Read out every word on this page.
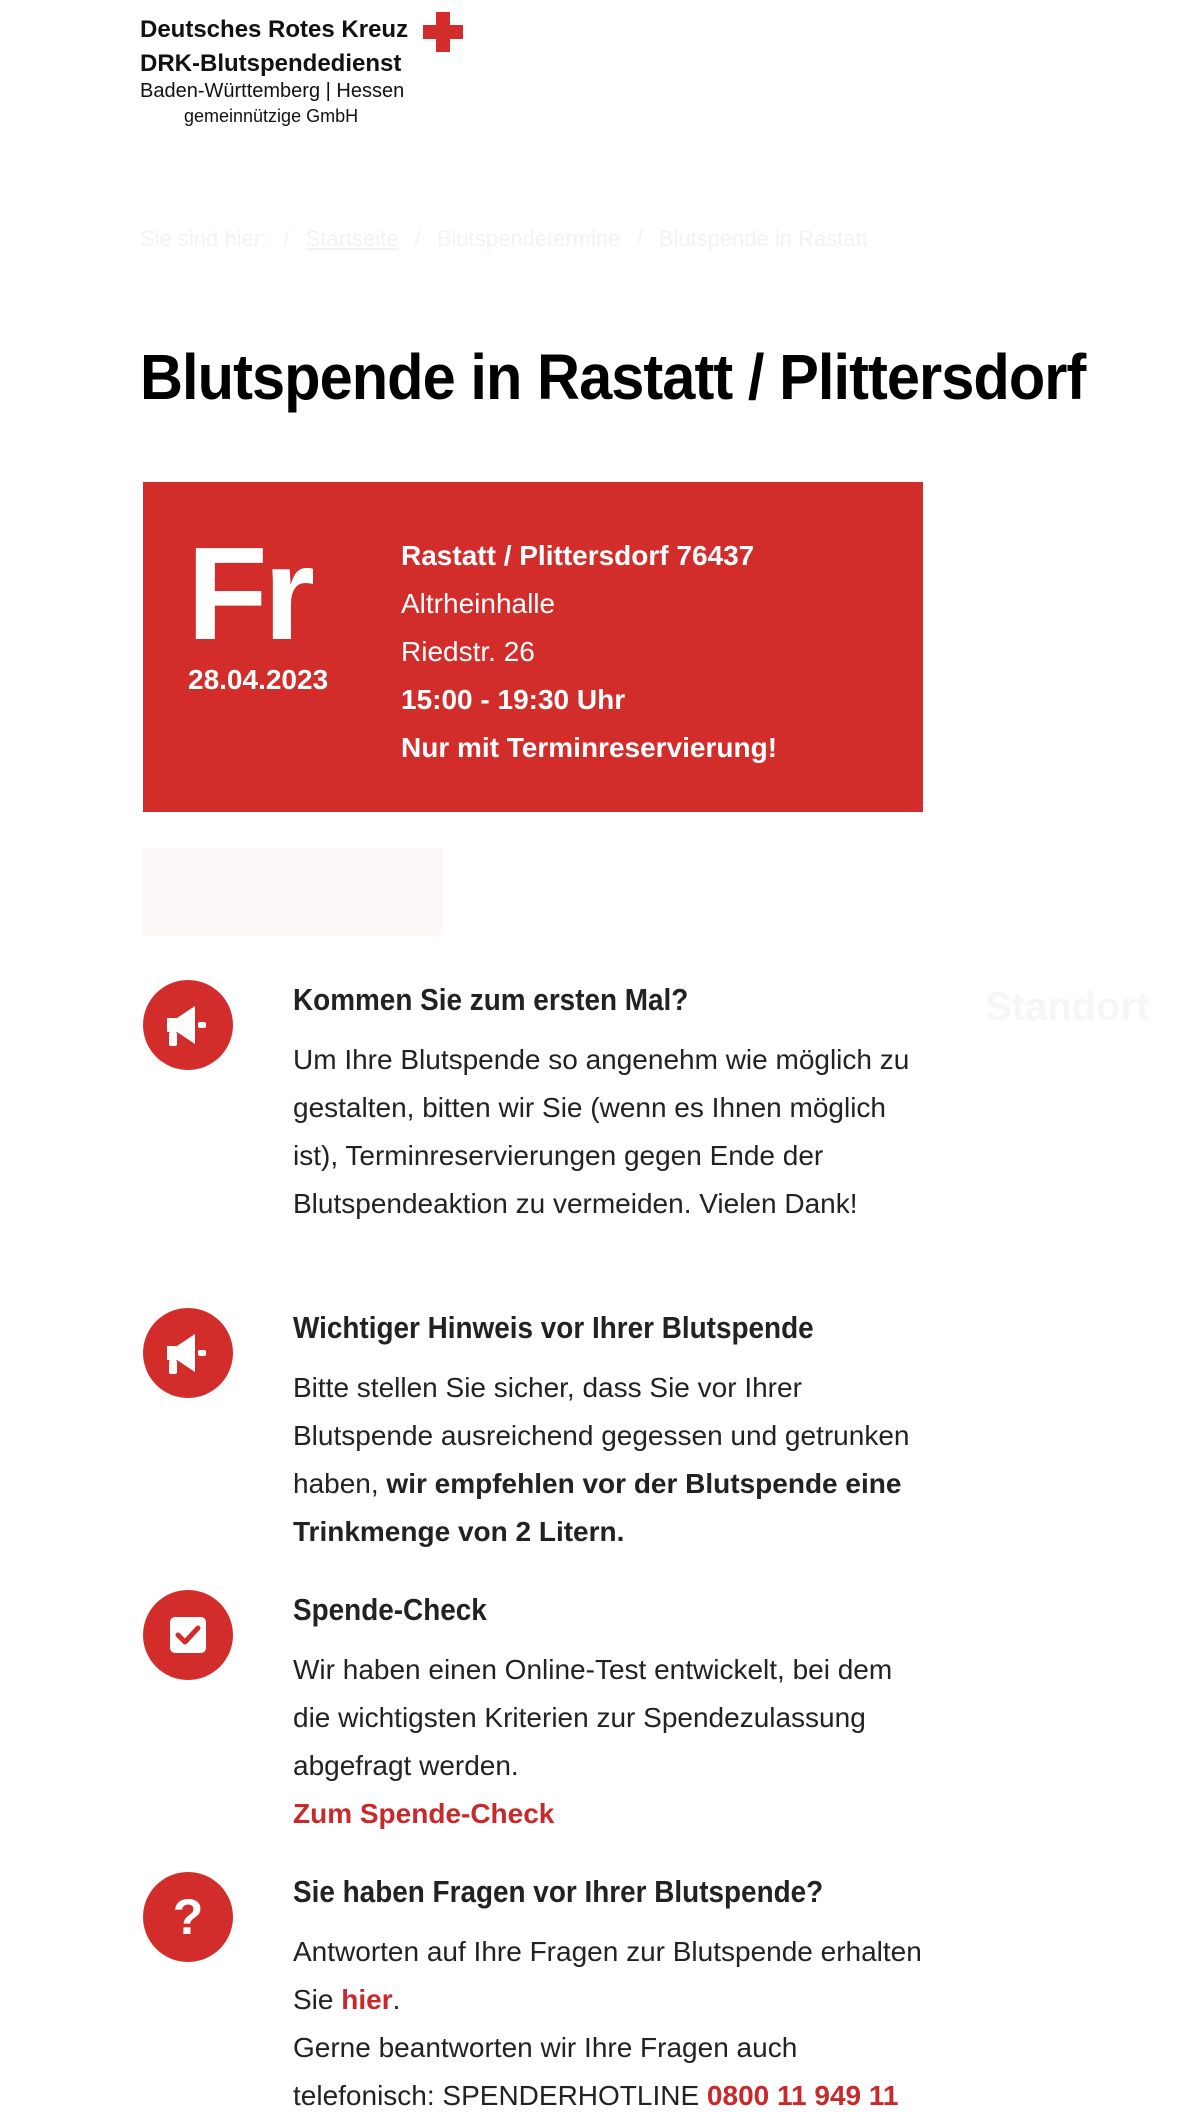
Deutsches Rotes Kreuz
DRK-Blutspendedienst
Baden-Württemberg | Hessen
gemeinnützige GmbH
Sie sind hier: / Startseite / Blutspendetermine / Blutspende in Rastatt
Blutspende in Rastatt / Plittersdorf
Fr
28.04.2023
Rastatt / Plittersdorf 76437
Altrheinhalle
Riedstr. 26
15:00 - 19:30 Uhr
Nur mit Terminreservierung!
Standort
Kommen Sie zum ersten Mal?
Um Ihre Blutspende so angenehm wie möglich zu gestalten, bitten wir Sie (wenn es Ihnen möglich ist), Terminreservierungen gegen Ende der Blutspendeaktion zu vermeiden. Vielen Dank!
Wichtiger Hinweis vor Ihrer Blutspende
Bitte stellen Sie sicher, dass Sie vor Ihrer Blutspende ausreichend gegessen und getrunken haben, wir empfehlen vor der Blutspende eine Trinkmenge von 2 Litern.
Spende-Check
Wir haben einen Online-Test entwickelt, bei dem die wichtigsten Kriterien zur Spendezulassung abgefragt werden.
Zum Spende-Check
?	Sie haben Fragen vor Ihrer Blutspende?
Antworten auf Ihre Fragen zur Blutspende erhalten Sie hier.
Gerne beantworten wir Ihre Fragen auch telefonisch: SPENDERHOTLINE 0800 11 949 11
